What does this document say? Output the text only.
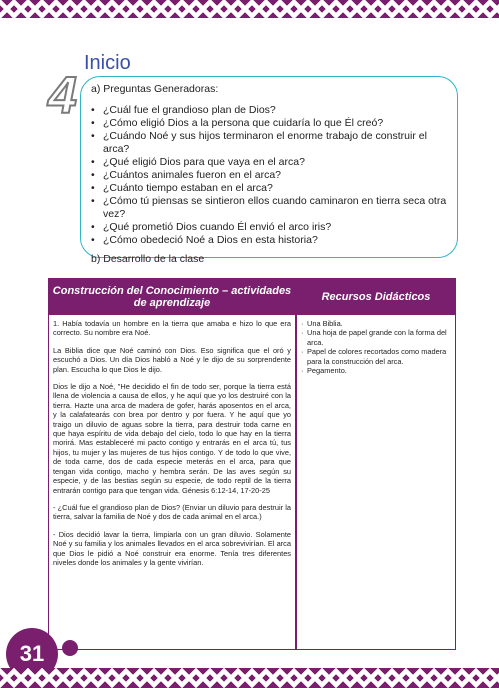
Inicio
4 a) Preguntas Generadoras:

• ¿Cuál fue el grandioso plan de Dios?
• ¿Cómo eligió Dios a la persona que cuidaría lo que Él creó?
• ¿Cuándo Noé y sus hijos terminaron el enorme trabajo de construir el arca?
• ¿Qué eligió Dios para que vaya en el arca?
• ¿Cuántos animales fueron en el arca?
• ¿Cuánto tiempo estaban en el arca?
• ¿Cómo tú piensas se sintieron ellos cuando caminaron en tierra seca otra vez?
• ¿Qué prometió Dios cuando Él envió el arco iris?
• ¿Cómo obedeció Noé a Dios en esta historia?

b) Desarrollo de la clase

Construcción del Conocimiento – actividades de aprendizaje	Recursos Didácticos

1. Había todavía un hombre en la tierra que amaba e hizo lo que era correcto. Su nombre era Noé.

La Biblia dice que Noé caminó con Dios. Eso significa que el oró y escuchó a Dios. Un día Dios habló a Noé y le dijo de su sorprendente plan. Escucha lo que Dios le dijo.

Dios le dijo a Noé, "He decidido el fin de todo ser, porque la tierra está llena de violencia a causa de ellos, y he aquí que yo los destruiré con la tierra. Hazte una arca de madera de gofer, harás aposentos en el arca, y la calafatearás con brea por dentro y por fuera. Y he aquí que yo traigo un diluvio de aguas sobre la tierra, para destruir toda carne en que haya espíritu de vida debajo del cielo, todo lo que hay en la tierra morirá. Mas estableceré mi pacto contigo y entrarás en el arca tú, tus hijos, tu mujer y las mujeres de tus hijos contigo. Y de todo lo que vive, de toda carne, dos de cada especie meterás en el arca, para que tengan vida contigo, macho y hembra serán. De las aves según su especie, y de las bestias según su especie, de todo reptil de la tierra entrarán contigo para que tengan vida. Génesis 6:12-14, 17-20-25

- ¿Cuál fue el grandioso plan de Dios? (Enviar un diluvio para destruir la tierra, salvar la familia de Noé y dos de cada animal en el arca.)

- Dios decidió lavar la tierra, limpiarla con un gran diluvio. Solamente Noé y su familia y los animales llevados en el arca sobrevivirían. El arca que Dios le pidió a Noé construir era enorme. Tenía tres diferentes niveles donde los animales y la gente vivirían.

· Una Biblia.
· Una hoja de papel grande con la forma del arca.
· Papel de colores recortados como madera para la construcción del arca.
· Pegamento.
31
